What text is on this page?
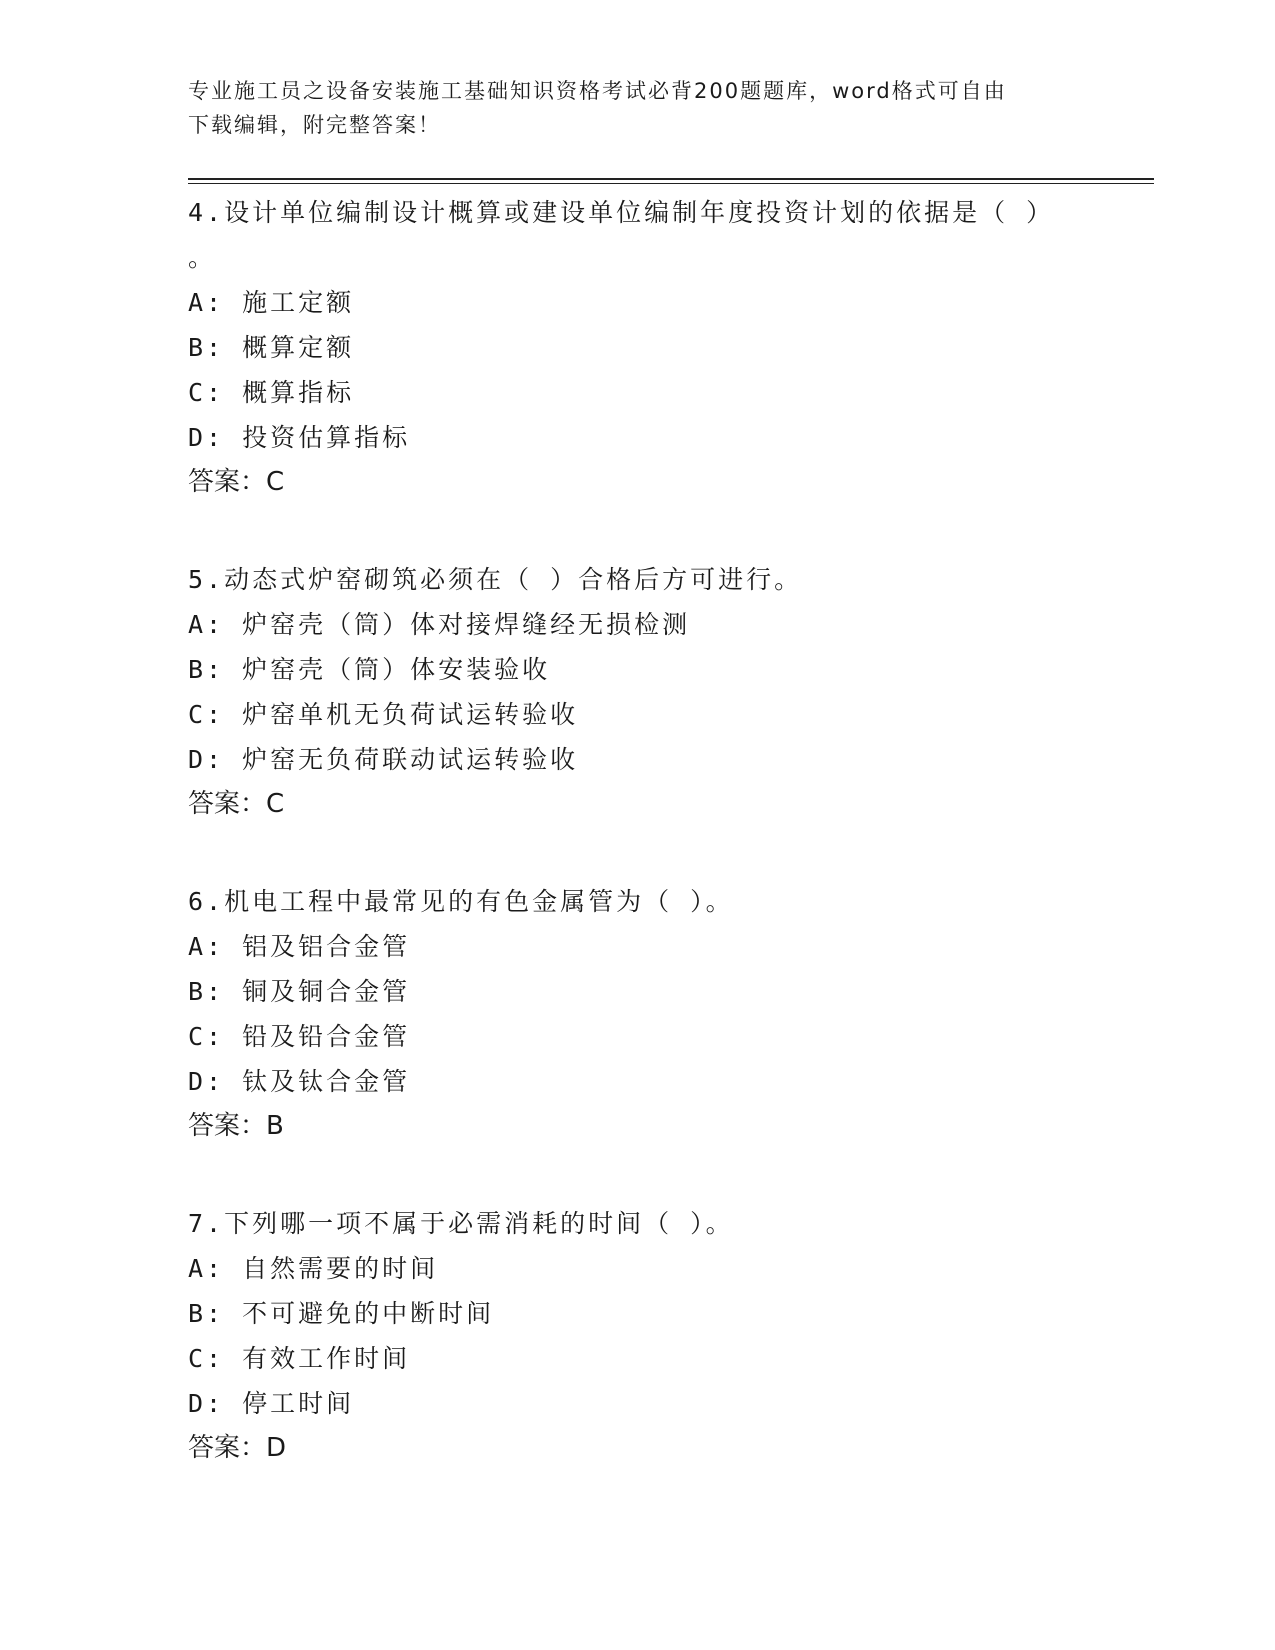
专业施工员之设备安装施工基础知识资格考试必背200题题库，word格式可自由
下载编辑，附完整答案！

4.设计单位编制设计概算或建设单位编制年度投资计划的依据是（ ）

。

A: 施工定额

B: 概算定额

C: 概算指标

D: 投资估算指标

答案：C

5.动态式炉窑砌筑必须在（ ）合格后方可进行。

A: 炉窑壳（筒）体对接焊缝经无损检测

B: 炉窑壳（筒）体安装验收

C: 炉窑单机无负荷试运转验收

D: 炉窑无负荷联动试运转验收

答案：C

6.机电工程中最常见的有色金属管为（ ）。

A: 铝及铝合金管

B: 铜及铜合金管

C: 铅及铅合金管

D: 钛及钛合金管

答案：B

7.下列哪一项不属于必需消耗的时间（ ）。

A: 自然需要的时间

B: 不可避免的中断时间

C: 有效工作时间

D: 停工时间

答案：D
